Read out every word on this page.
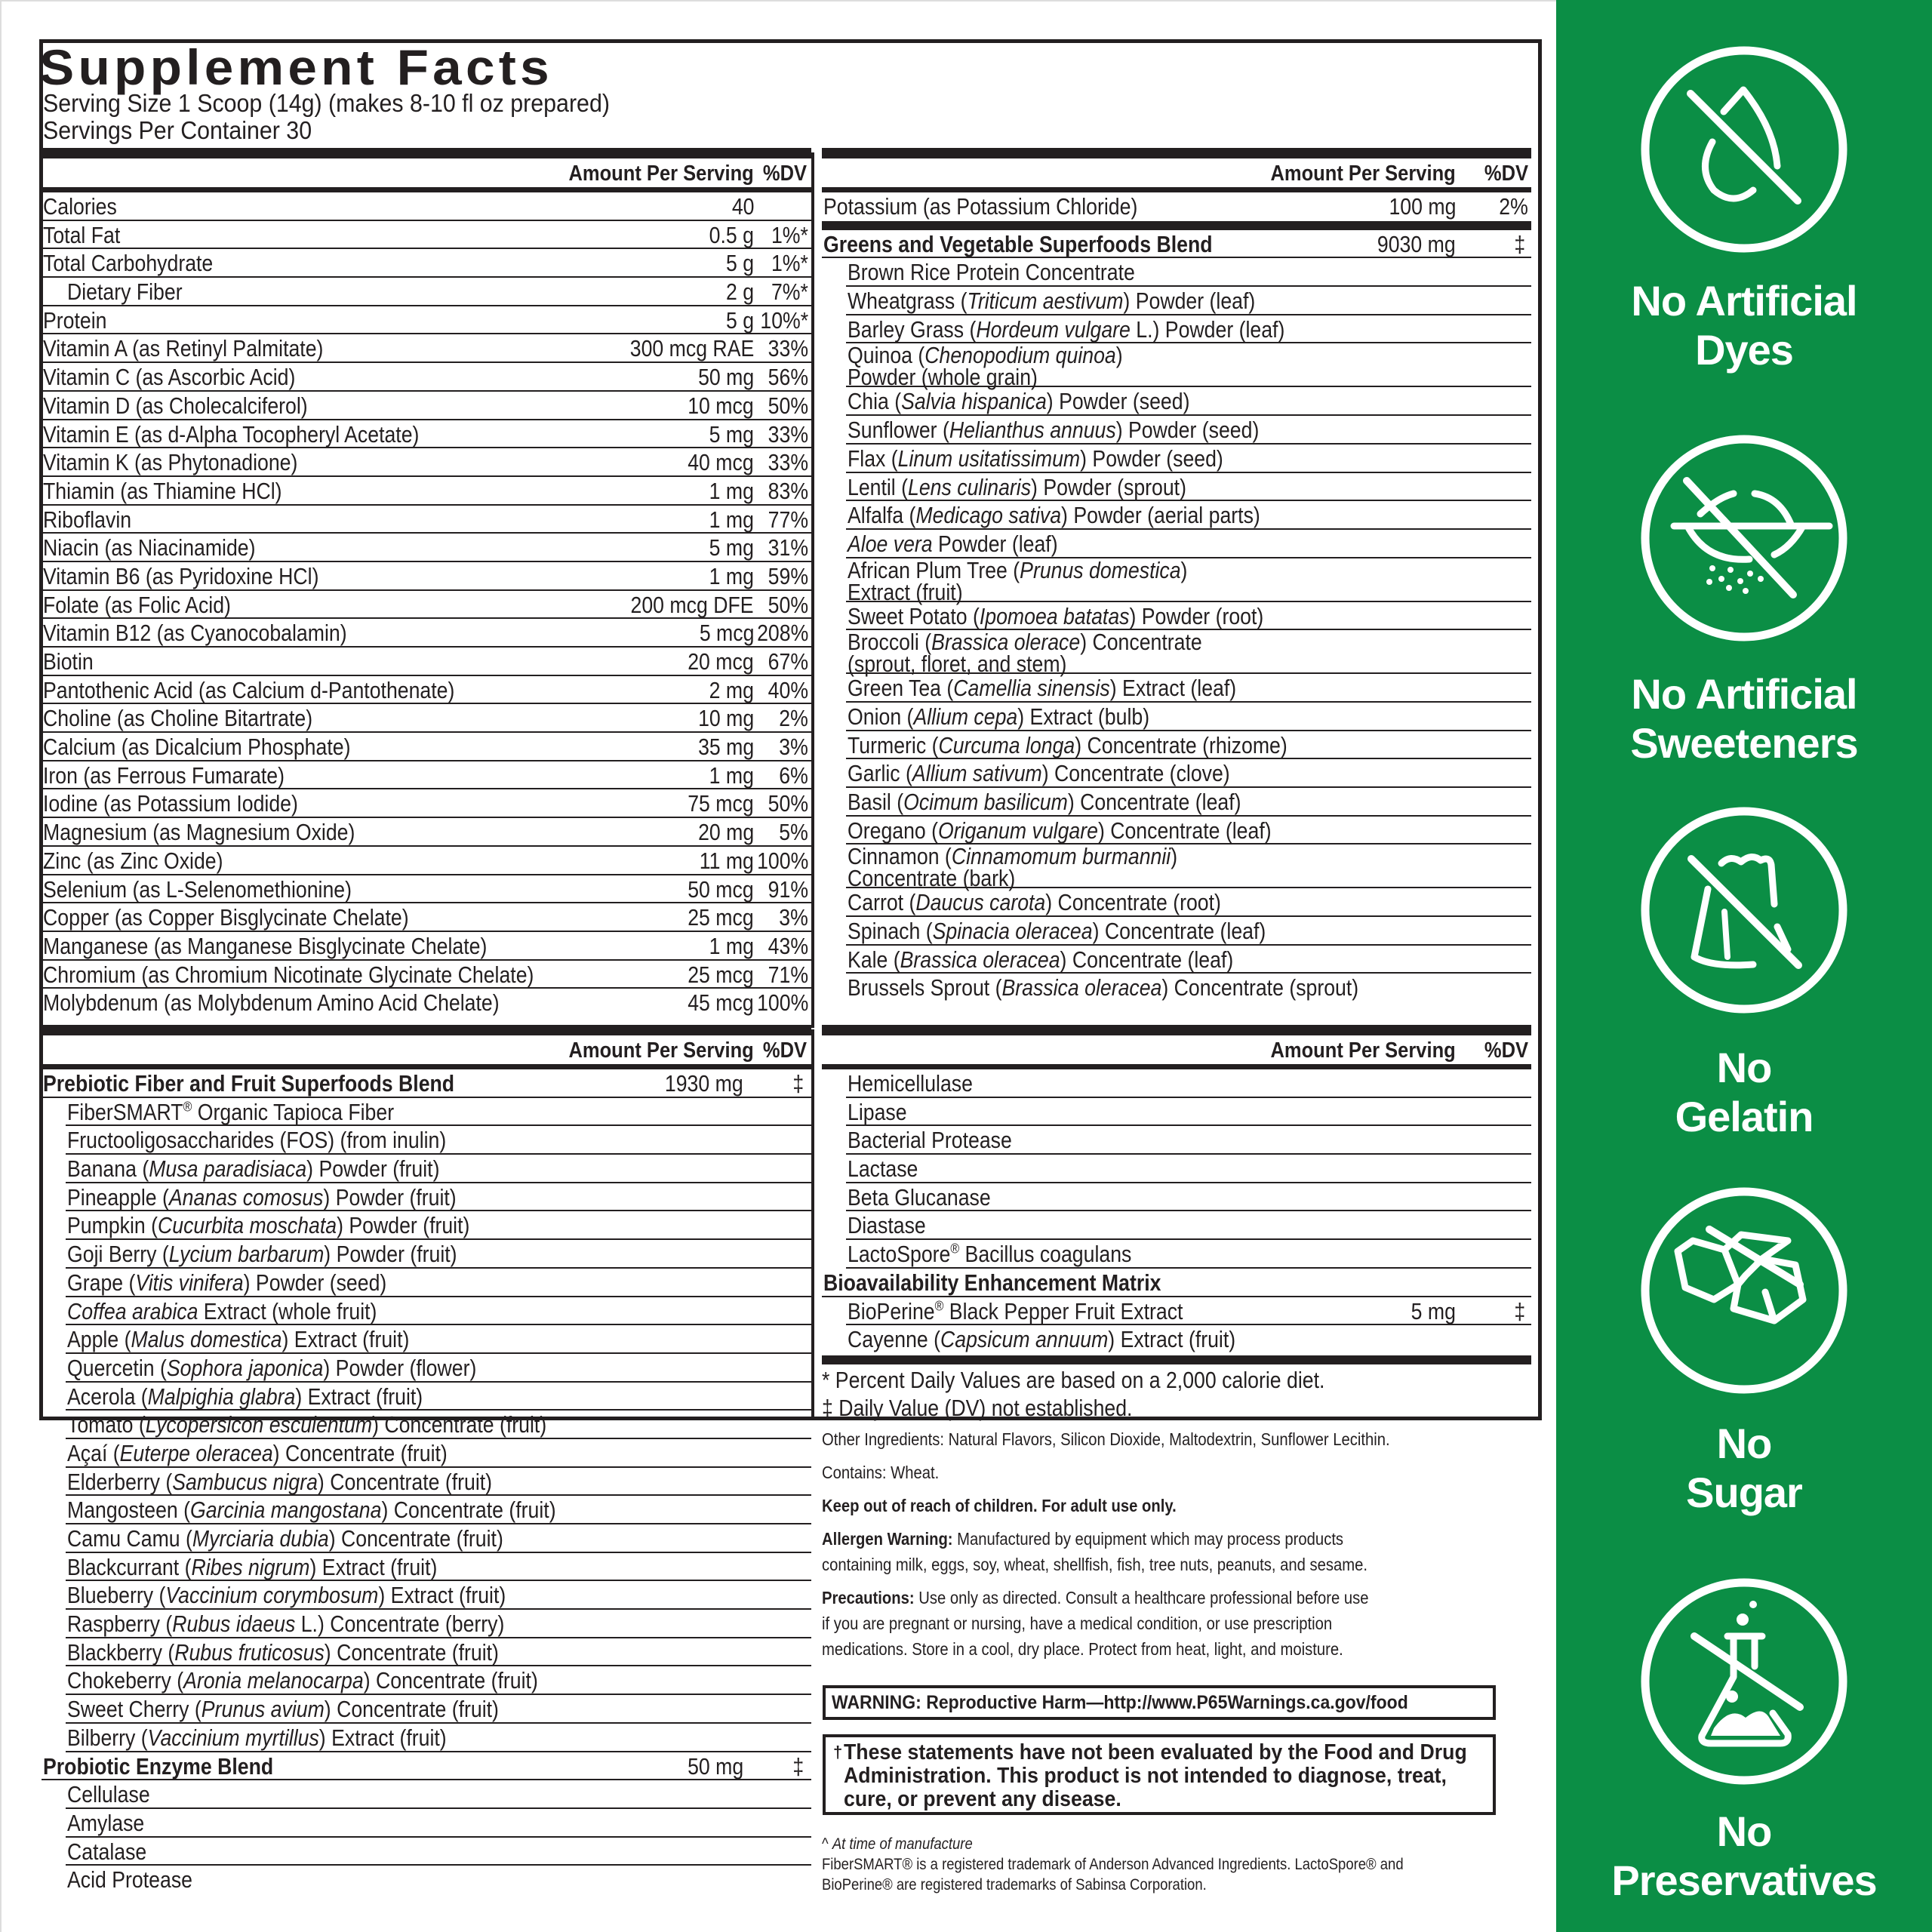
Supplement Facts
Serving Size 1 Scoop (14g) (makes 8-10 fl oz prepared)
Servings Per Container 30
Amount Per Serving %DV
Calories	40
Total Fat	0.5 g 1%*
Total Carbohydrate	5 g 1%*
Dietary Fiber	2 g 7%*
Protein	5 g 10%*
Vitamin A (as Retinyl Palmitate)	300 mcg RAE 33%
Vitamin C (as Ascorbic Acid)	50 mg 56%
Vitamin D (as Cholecalciferol)	10 mcg 50%
Vitamin E (as d-Alpha Tocopheryl Acetate)	5 mg 33%
Vitamin K (as Phytonadione)	40 mcg 33%
Thiamin (as Thiamine HCl)	1 mg 83%
Riboflavin	1 mg 77%
Niacin (as Niacinamide)	5 mg 31%
Vitamin B6 (as Pyridoxine HCl)	1 mg 59%
Folate (as Folic Acid)	200 mcg DFE 50%
Vitamin B12 (as Cyanocobalamin)	5 mcg 208%
Biotin	20 mcg 67%
Pantothenic Acid (as Calcium d-Pantothenate)	2 mg 40%
Choline (as Choline Bitartrate)	10 mg 2%
Calcium (as Dicalcium Phosphate)	35 mg 3%
Iron (as Ferrous Fumarate)	1 mg 6%
Iodine (as Potassium Iodide)	75 mcg 50%
Magnesium (as Magnesium Oxide)	20 mg 5%
Zinc (as Zinc Oxide)	11 mg 100%
Selenium (as L-Selenomethionine)	50 mcg 91%
Copper (as Copper Bisglycinate Chelate)	25 mcg 3%
Manganese (as Manganese Bisglycinate Chelate)	1 mg 43%
Chromium (as Chromium Nicotinate Glycinate Chelate)	25 mcg 71%
Molybdenum (as Molybdenum Amino Acid Chelate)	45 mcg 100%
Amount Per Serving %DV
Potassium (as Potassium Chloride)	100 mg 2%
Greens and Vegetable Superfoods Blend	9030 mg ‡
Brown Rice Protein Concentrate
Wheatgrass (Triticum aestivum) Powder (leaf)
Barley Grass (Hordeum vulgare L.) Powder (leaf)
Quinoa (Chenopodium quinoa)
Powder (whole grain)
Chia (Salvia hispanica) Powder (seed)
Sunflower (Helianthus annuus) Powder (seed)
Flax (Linum usitatissimum) Powder (seed)
Lentil (Lens culinaris) Powder (sprout)
Alfalfa (Medicago sativa) Powder (aerial parts)
Aloe vera Powder (leaf)
African Plum Tree (Prunus domestica)
Extract (fruit)
Sweet Potato (Ipomoea batatas) Powder (root)
Broccoli (Brassica olerace) Concentrate
(sprout, floret, and stem)
Green Tea (Camellia sinensis) Extract (leaf)
Onion (Allium cepa) Extract (bulb)
Turmeric (Curcuma longa) Concentrate (rhizome)
Garlic (Allium sativum) Concentrate (clove)
Basil (Ocimum basilicum) Concentrate (leaf)
Oregano (Origanum vulgare) Concentrate (leaf)
Cinnamon (Cinnamomum burmannii)
Concentrate (bark)
Carrot (Daucus carota) Concentrate (root)
Spinach (Spinacia oleracea) Concentrate (leaf)
Kale (Brassica oleracea) Concentrate (leaf)
Brussels Sprout (Brassica oleracea) Concentrate (sprout)
Amount Per Serving %DV
Prebiotic Fiber and Fruit Superfoods Blend	1930 mg ‡
FiberSMART® Organic Tapioca Fiber
Fructooligosaccharides (FOS) (from inulin)
Banana (Musa paradisiaca) Powder (fruit)
Pineapple (Ananas comosus) Powder (fruit)
Pumpkin (Cucurbita moschata) Powder (fruit)
Goji Berry (Lycium barbarum) Powder (fruit)
Grape (Vitis vinifera) Powder (seed)
Coffea arabica Extract (whole fruit)
Apple (Malus domestica) Extract (fruit)
Quercetin (Sophora japonica) Powder (flower)
Acerola (Malpighia glabra) Extract (fruit)
Tomato (Lycopersicon esculentum) Concentrate (fruit)
Açaí (Euterpe oleracea) Concentrate (fruit)
Elderberry (Sambucus nigra) Concentrate (fruit)
Mangosteen (Garcinia mangostana) Concentrate (fruit)
Camu Camu (Myrciaria dubia) Concentrate (fruit)
Blackcurrant (Ribes nigrum) Extract (fruit)
Blueberry (Vaccinium corymbosum) Extract (fruit)
Raspberry (Rubus idaeus L.) Concentrate (berry)
Blackberry (Rubus fruticosus) Concentrate (fruit)
Chokeberry (Aronia melanocarpa) Concentrate (fruit)
Sweet Cherry (Prunus avium) Concentrate (fruit)
Bilberry (Vaccinium myrtillus) Extract (fruit)
Probiotic Enzyme Blend	50 mg ‡
Cellulase
Amylase
Catalase
Acid Protease
Amount Per Serving %DV
Hemicellulase
Lipase
Bacterial Protease
Lactase
Beta Glucanase
Diastase
LactoSpore® Bacillus coagulans
Bioavailability Enhancement Matrix
BioPerine® Black Pepper Fruit Extract	5 mg ‡
Cayenne (Capsicum annuum) Extract (fruit)
* Percent Daily Values are based on a 2,000 calorie diet.
‡ Daily Value (DV) not established.

Other Ingredients: Natural Flavors, Silicon Dioxide, Maltodextrin, Sunflower Lecithin.

Contains: Wheat.

Keep out of reach of children. For adult use only.

Allergen Warning: Manufactured by equipment which may process products

containing milk, eggs, soy, wheat, shellfish, fish, tree nuts, peanuts, and sesame.

Precautions: Use only as directed. Consult a healthcare professional before use

if you are pregnant or nursing, have a medical condition, or use prescription

medications. Store in a cool, dry place. Protect from heat, light, and moisture.

WARNING: Reproductive Harm—http://www.P65Warnings.ca.gov/food
† These statements have not been evaluated by the Food and Drug Administration. This product is not intended to diagnose, treat, cure, or prevent any disease.
^ At time of manufacture
FiberSMART® is a registered trademark of Anderson Advanced Ingredients. LactoSpore® and
BioPerine® are registered trademarks of Sabinsa Corporation.
No Artificial
Dyes
No Artificial
Sweeteners
No
Gelatin
No
Sugar
No
Preservatives
